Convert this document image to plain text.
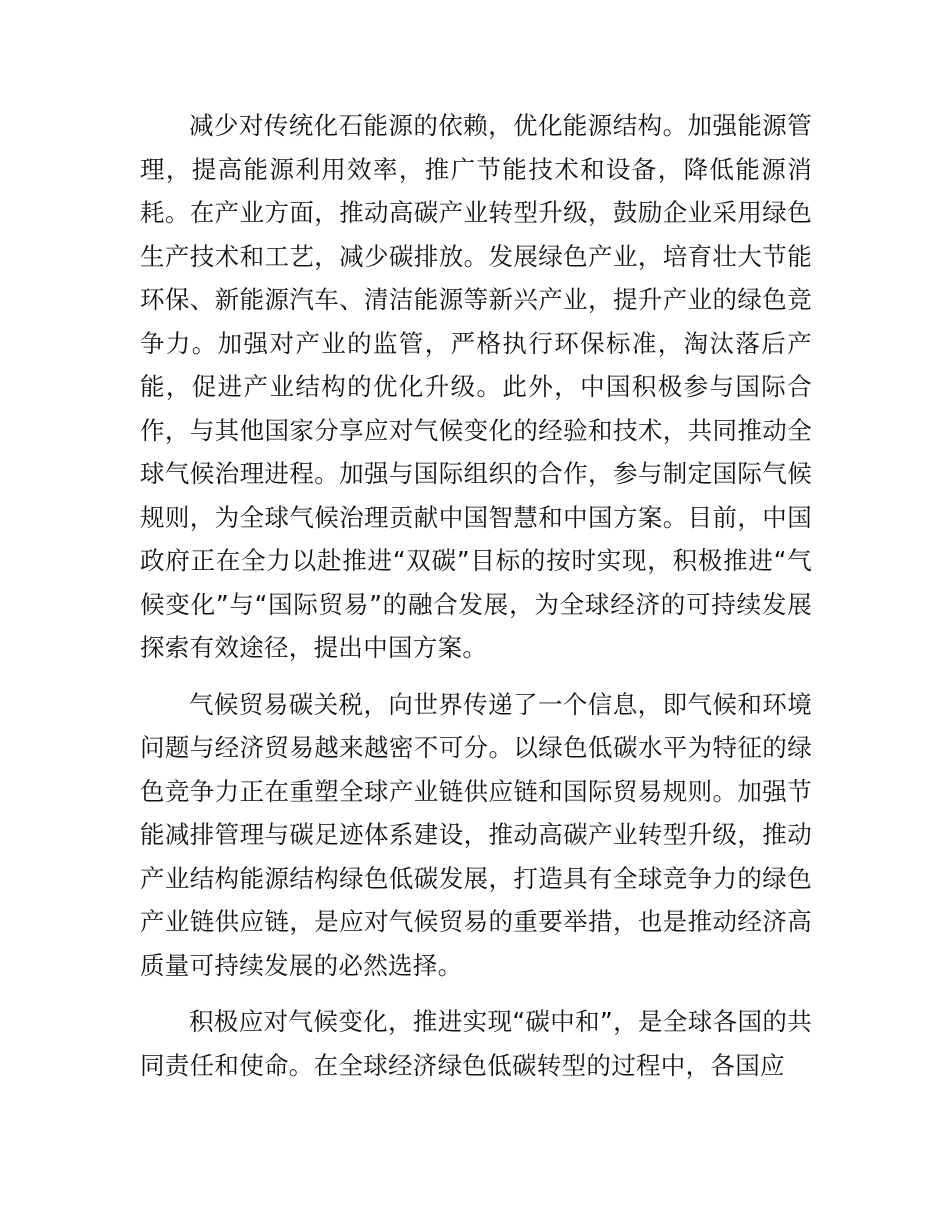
减少对传统化石能源的依赖，优化能源结构。加强能源管理，提高能源利用效率，推广节能技术和设备，降低能源消耗。在产业方面，推动高碳产业转型升级，鼓励企业采用绿色生产技术和工艺，减少碳排放。发展绿色产业，培育壮大节能环保、新能源汽车、清洁能源等新兴产业，提升产业的绿色竞争力。加强对产业的监管，严格执行环保标准，淘汰落后产能，促进产业结构的优化升级。此外，中国积极参与国际合作，与其他国家分享应对气候变化的经验和技术，共同推动全球气候治理进程。加强与国际组织的合作，参与制定国际气候规则，为全球气候治理贡献中国智慧和中国方案。目前，中国政府正在全力以赴推进“双碳”目标的按时实现，积极推进“气候变化”与“国际贸易”的融合发展，为全球经济的可持续发展探索有效途径，提出中国方案。

气候贸易碳关税，向世界传递了一个信息，即气候和环境问题与经济贸易越来越密不可分。以绿色低碳水平为特征的绿色竞争力正在重塑全球产业链供应链和国际贸易规则。加强节能减排管理与碳足迹体系建设，推动高碳产业转型升级，推动产业结构能源结构绿色低碳发展，打造具有全球竞争力的绿色产业链供应链，是应对气候贸易的重要举措，也是推动经济高质量可持续发展的必然选择。

积极应对气候变化，推进实现“碳中和”，是全球各国的共同责任和使命。在全球经济绿色低碳转型的过程中，各国应
